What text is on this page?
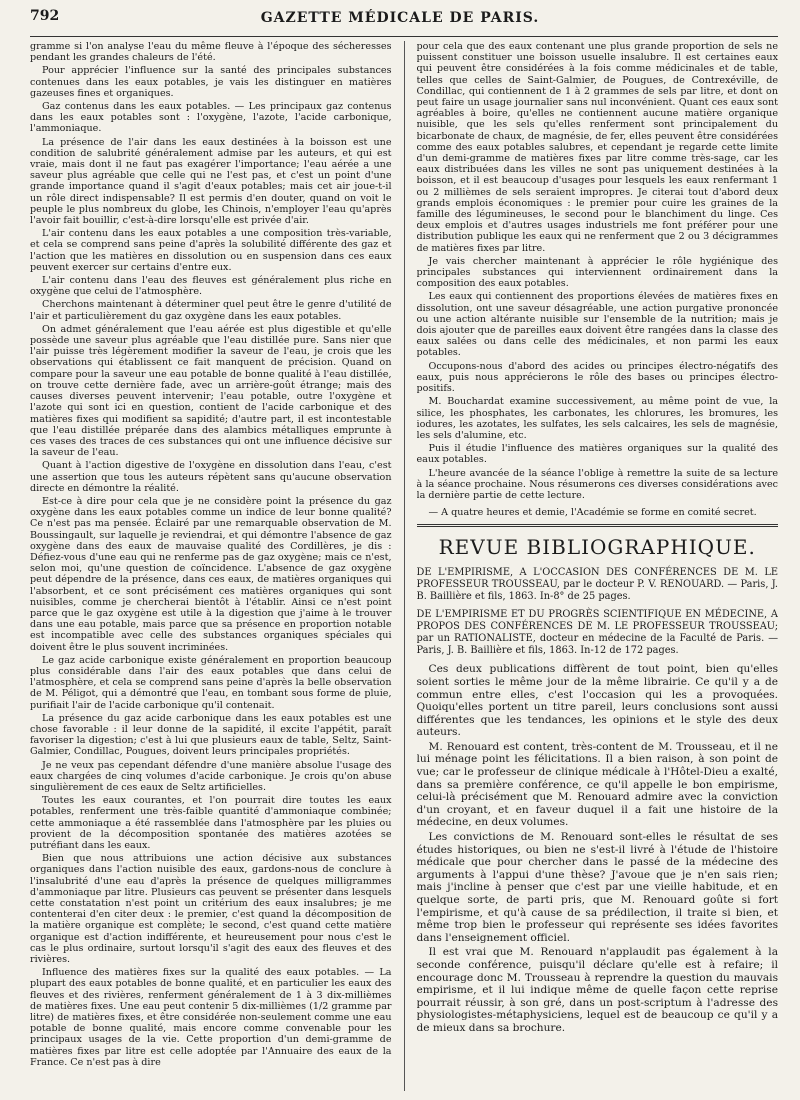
792	GAZETTE MÉDICALE DE PARIS.

gramme si l'on analyse l'eau du même fleuve à l'époque des sécheresses pendant les grandes chaleurs de l'été.

Pour apprécier l'influence sur la santé des principales substances contenues dans les eaux potables, je vais les distinguer en matières gazeuses fines et organiques.

Gaz contenus dans les eaux potables. — Les principaux gaz contenus dans les eaux potables sont : l'oxygène, l'azote, l'acide carbonique, l'ammoniaque.

La présence de l'air dans les eaux destinées à la boisson est une condition de salubrité généralement admise par les auteurs, et qui est vraie, mais dont il ne faut pas exagérer l'importance; l'eau aérée a une saveur plus agréable que celle qui ne l'est pas, et c'est un point d'une grande importance quand il s'agit d'eaux potables; mais cet air joue-t-il un rôle direct indispensable? Il est permis d'en douter, quand on voit le peuple le plus nombreux du globe, les Chinois, n'employer l'eau qu'après l'avoir fait bouillir, c'est-à-dire lorsqu'elle est privée d'air.

L'air contenu dans les eaux potables a une composition très-variable, et cela se comprend sans peine d'après la solubilité différente des gaz et l'action que les matières en dissolution ou en suspension dans ces eaux peuvent exercer sur certains d'entre eux.

L'air contenu dans l'eau des fleuves est généralement plus riche en oxygène que celui de l'atmosphère.

Cherchons maintenant à déterminer quel peut être le genre d'utilité de l'air et particulièrement du gaz oxygène dans les eaux potables.

On admet généralement que l'eau aérée est plus digestible et qu'elle possède une saveur plus agréable que l'eau distillée pure. Sans nier que l'air puisse très légèrement modifier la saveur de l'eau, je crois que les observations qui établissent ce fait manquent de précision. Quand on compare pour la saveur une eau potable de bonne qualité à l'eau distillée, on trouve cette dernière fade, avec un arrière-goût étrange; mais des causes diverses peuvent intervenir; l'eau potable, outre l'oxygène et l'azote qui sont ici en question, contient de l'acide carbonique et des matières fixes qui modifient sa sapidité; d'autre part, il est incontestable que l'eau distillée préparée dans des alambics métalliques emprunte à ces vases des traces de ces substances qui ont une influence décisive sur la saveur de l'eau.

Quant à l'action digestive de l'oxygène en dissolution dans l'eau, c'est une assertion que tous les auteurs répètent sans qu'aucune observation directe en démontre la réalité.

Est-ce à dire pour cela que je ne considère point la présence du gaz oxygène dans les eaux potables comme un indice de leur bonne qualité? Ce n'est pas ma pensée. Éclairé par une remarquable observation de M. Boussingault, sur laquelle je reviendrai, et qui démontre l'absence de gaz oxygène dans des eaux de mauvaise qualité des Cordillères, je dis : Défiez-vous d'une eau qui ne renferme pas de gaz oxygène; mais ce n'est, selon moi, qu'une question de coïncidence. L'absence de gaz oxygène peut dépendre de la présence, dans ces eaux, de matières organiques qui l'absorbent, et ce sont précisément ces matières organiques qui sont nuisibles, comme je chercherai bientôt à l'établir. Ainsi ce n'est point parce que le gaz oxygène est utile à la digestion que j'aime à le trouver dans une eau potable, mais parce que sa présence en proportion notable est incompatible avec celle des substances organiques spéciales qui doivent être le plus souvent incriminées.

Le gaz acide carbonique existe généralement en proportion beaucoup plus considérable dans l'air des eaux potables que dans celui de l'atmosphère, et cela se comprend sans peine d'après la belle observation de M. Péligot, qui a démontré que l'eau, en tombant sous forme de pluie, purifiait l'air de l'acide carbonique qu'il contenait.

La présence du gaz acide carbonique dans les eaux potables est une chose favorable : il leur donne de la sapidité, il excite l'appétit, paraît favoriser la digestion; c'est à lui que plusieurs eaux de table, Seltz, Saint-Galmier, Condillac, Pougues, doivent leurs principales propriétés.

Je ne veux pas cependant défendre d'une manière absolue l'usage des eaux chargées de cinq volumes d'acide carbonique. Je crois qu'on abuse singulièrement de ces eaux de Seltz artificielles.

Toutes les eaux courantes, et l'on pourrait dire toutes les eaux potables, renferment une très-faible quantité d'ammoniaque combinée; cette ammoniaque a été rassemblée dans l'atmosphère par les pluies ou provient de la décomposition spontanée des matières azotées se putréfiant dans les eaux.

Bien que nous attribuions une action décisive aux substances organiques dans l'action nuisible des eaux, gardons-nous de conclure à l'insalubrité d'une eau d'après la présence de quelques milligrammes d'ammoniaque par litre. Plusieurs cas peuvent se présenter dans lesquels cette constatation n'est point un critérium des eaux insalubres; je me contenterai d'en citer deux : le premier, c'est quand la décomposition de la matière organique est complète; le second, c'est quand cette matière organique est d'action indifférente, et heureusement pour nous c'est le cas le plus ordinaire, surtout lorsqu'il s'agit des eaux des fleuves et des rivières.

Influence des matières fixes sur la qualité des eaux potables. — La plupart des eaux potables de bonne qualité, et en particulier les eaux des fleuves et des rivières, renferment généralement de 1 à 3 dix-millièmes de matières fixes. Une eau peut contenir 5 dix-millièmes (1/2 gramme par litre) de matières fixes, et être considérée non-seulement comme une eau potable de bonne qualité, mais encore comme convenable pour les principaux usages de la vie. Cette proportion d'un demi-gramme de matières fixes par litre est celle adoptée par l'Annuaire des eaux de la France. Ce n'est pas à dire

pour cela que des eaux contenant une plus grande proportion de sels ne puissent constituer une boisson usuelle insalubre. Il est certaines eaux qui peuvent être considérées à la fois comme médicinales et de table, telles que celles de Saint-Galmier, de Pougues, de Contrexéville, de Condillac, qui contiennent de 1 à 2 grammes de sels par litre, et dont on peut faire un usage journalier sans nul inconvénient. Quant ces eaux sont agréables à boire, qu'elles ne contiennent aucune matière organique nuisible, que les sels qu'elles renferment sont principalement du bicarbonate de chaux, de magnésie, de fer, elles peuvent être considérées comme des eaux potables salubres, et cependant je regarde cette limite d'un demi-gramme de matières fixes par litre comme très-sage, car les eaux distribuées dans les villes ne sont pas uniquement destinées à la boisson, et il est beaucoup d'usages pour lesquels les eaux renfermant 1 ou 2 millièmes de sels seraient impropres. Je citerai tout d'abord deux grands emplois économiques : le premier pour cuire les graines de la famille des légumineuses, le second pour le blanchiment du linge. Ces deux emplois et d'autres usages industriels me font préférer pour une distribution publique les eaux qui ne renferment que 2 ou 3 décigrammes de matières fixes par litre.

Je vais chercher maintenant à apprécier le rôle hygiénique des principales substances qui interviennent ordinairement dans la composition des eaux potables.

Les eaux qui contiennent des proportions élevées de matières fixes en dissolution, ont une saveur désagréable, une action purgative prononcée ou une action altérante nuisible sur l'ensemble de la nutrition; mais je dois ajouter que de pareilles eaux doivent être rangées dans la classe des eaux salées ou dans celle des médicinales, et non parmi les eaux potables.

Occupons-nous d'abord des acides ou principes électro-négatifs des eaux, puis nous apprécierons le rôle des bases ou principes électro-positifs.

M. Bouchardat examine successivement, au même point de vue, la silice, les phosphates, les carbonates, les chlorures, les bromures, les iodures, les azotates, les sulfates, les sels calcaires, les sels de magnésie, les sels d'alumine, etc.

Puis il étudie l'influence des matières organiques sur la qualité des eaux potables.

L'heure avancée de la séance l'oblige à remettre la suite de sa lecture à la séance prochaine. Nous résumerons ces diverses considérations avec la dernière partie de cette lecture.

— A quatre heures et demie, l'Académie se forme en comité secret.

REVUE BIBLIOGRAPHIQUE.

DE L'EMPIRISME, A L'OCCASION DES CONFÉRENCES DE M. LE PROFESSEUR TROUSSEAU, par le docteur P. V. RENOUARD. — Paris, J. B. Baillière et fils, 1863. In-8° de 25 pages.

DE L'EMPIRISME ET DU PROGRÈS SCIENTIFIQUE EN MÉDECINE, A PROPOS DES CONFÉRENCES DE M. LE PROFESSEUR TROUSSEAU; par un RATIONALISTE, docteur en médecine de la Faculté de Paris. — Paris, J. B. Baillière et fils, 1863. In-12 de 172 pages.

Ces deux publications diffèrent de tout point, bien qu'elles soient sorties le même jour de la même librairie. Ce qu'il y a de commun entre elles, c'est l'occasion qui les a provoquées. Quoiqu'elles portent un titre pareil, leurs conclusions sont aussi différentes que les tendances, les opinions et le style des deux auteurs.

M. Renouard est content, très-content de M. Trousseau, et il ne lui ménage point les félicitations. Il a bien raison, à son point de vue; car le professeur de clinique médicale à l'Hôtel-Dieu a exalté, dans sa première conférence, ce qu'il appelle le bon empirisme, celui-là précisément que M. Renouard admire avec la conviction d'un croyant, et en faveur duquel il a fait une histoire de la médecine, en deux volumes.

Les convictions de M. Renouard sont-elles le résultat de ses études historiques, ou bien ne s'est-il livré à l'étude de l'histoire médicale que pour chercher dans le passé de la médecine des arguments à l'appui d'une thèse? J'avoue que je n'en sais rien; mais j'incline à penser que c'est par une vieille habitude, et en quelque sorte, de parti pris, que M. Renouard goûte si fort l'empirisme, et qu'à cause de sa prédilection, il traite si bien, et même trop bien le professeur qui représente ses idées favorites dans l'enseignement officiel.

Il est vrai que M. Renouard n'applaudit pas également à la seconde conférence, puisqu'il déclare qu'elle est à refaire; il encourage donc M. Trousseau à reprendre la question du mauvais empirisme, et il lui indique même de quelle façon cette reprise pourrait réussir, à son gré, dans un post-scriptum à l'adresse des physiologistes-métaphysiciens, lequel est de beaucoup ce qu'il y a de mieux dans sa brochure.
